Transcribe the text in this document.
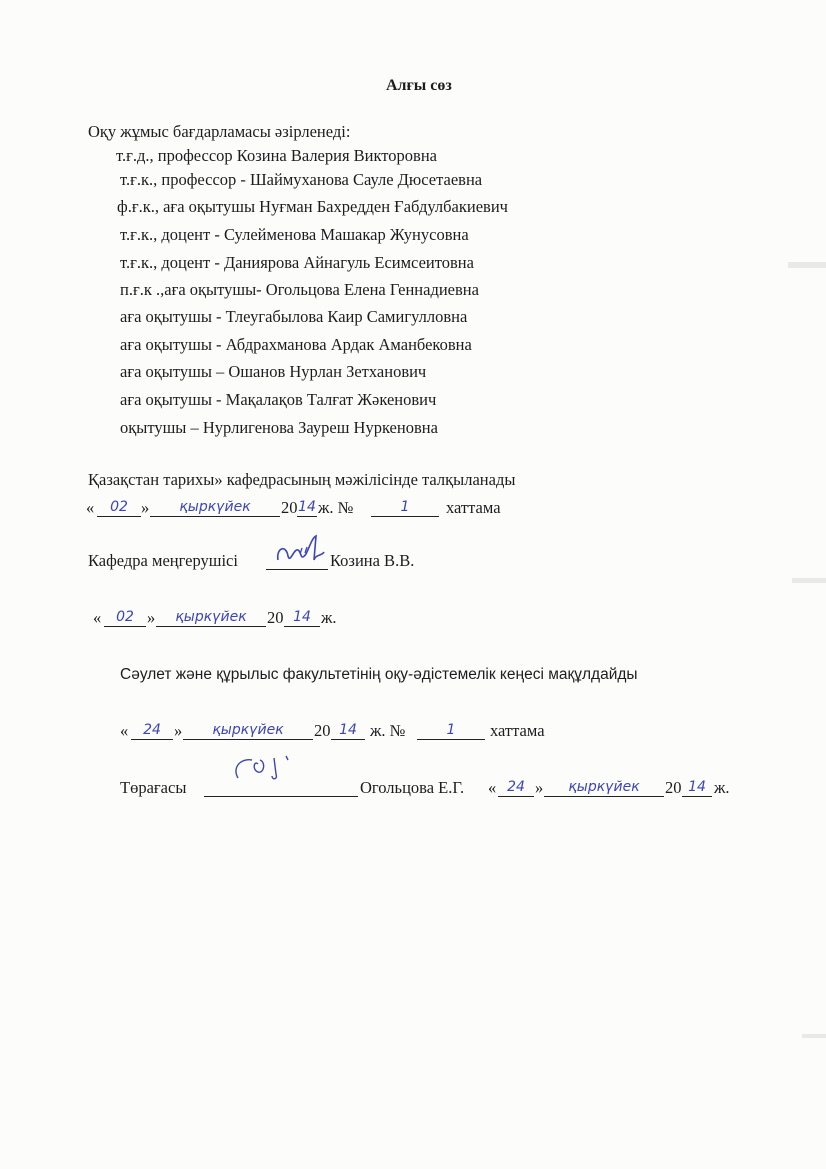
Алғы сөз
Оқу жұмыс бағдарламасы әзірленеді:
т.ғ.д., профессор Козина Валерия Викторовна
т.ғ.к., профессор - Шаймуханова Сауле Дюсетаевна
ф.ғ.к., аға оқытушы Нуғман Бахредден Ғабдулбакиевич
т.ғ.к., доцент - Сулейменова Машакар Жунусовна
т.ғ.к., доцент - Даниярова Айнагуль Есимсеитовна
п.ғ.к .,аға оқытушы- Огольцова Елена Геннадиевна
аға оқытушы - Тлеугабылова Каир Самигулловна
аға оқытушы - Абдрахманова Ардак Аманбековна
аға оқытушы – Ошанов Нурлан Зетханович
аға оқытушы - Мақалақов Талғат Жәкенович
оқытушы – Нурлигенова Зауреш Нуркеновна
Қазақстан тарихы» кафедрасының мәжілісінде талқыланады
«	02 »	қыркүйек	20 14 ж. №	1	хаттама
Кафедра меңгерушісі	Козина В.В.
«	02 »	қыркүйек	20 14 ж.
Сәулет және құрылыс факультетінің оқу-әдістемелік кеңесі мақұлдайды
«	24 »	қыркүйек	20 14 ж. №	1	хаттама
Төрағасы	Огольцова Е.Г. « 24 »	қыркүйек	20 14 ж.
